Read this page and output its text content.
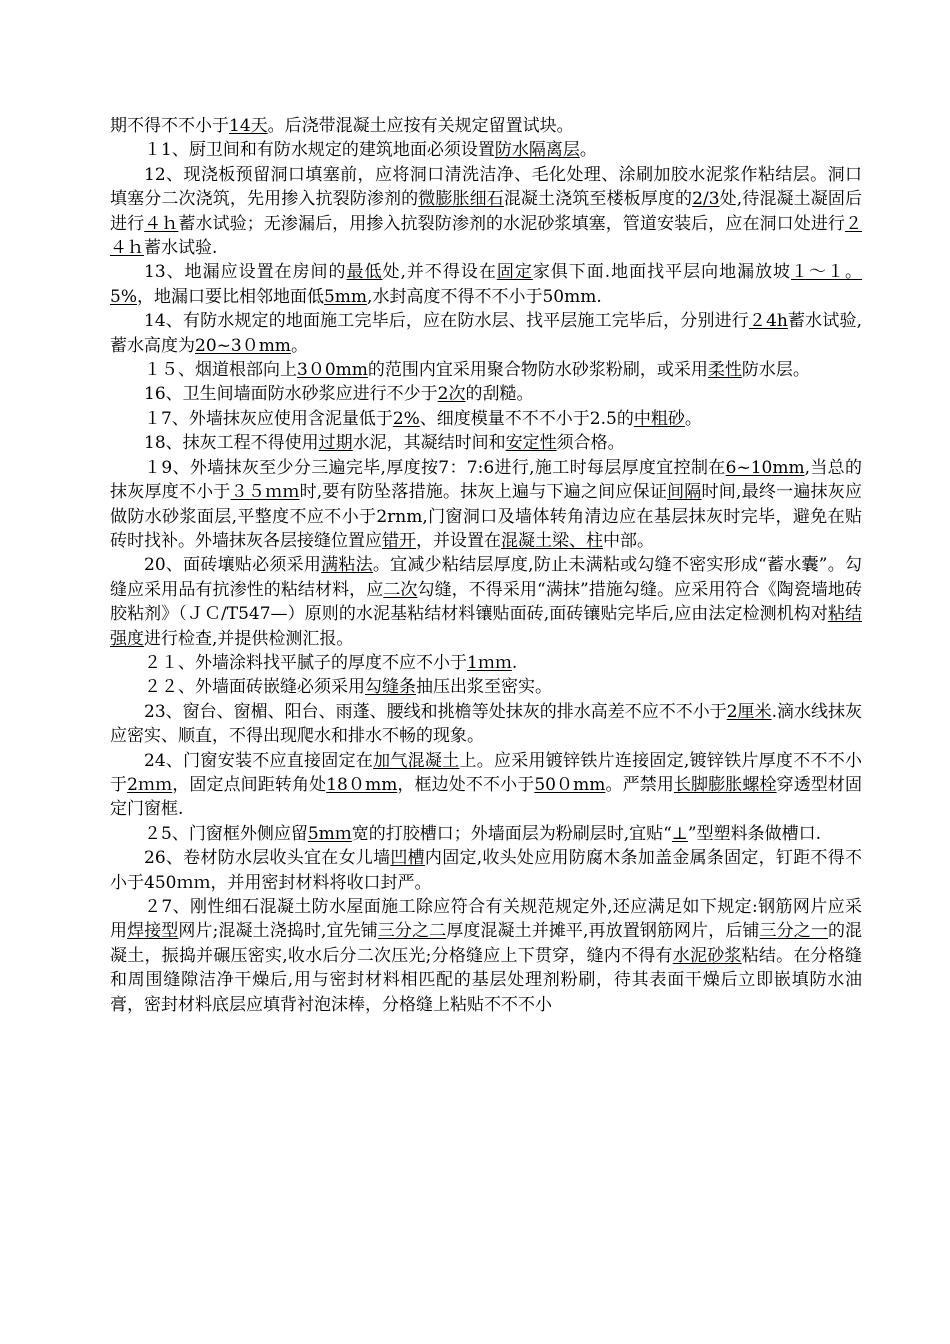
期不得不不小于14天。后浇带混凝土应按有关规定留置试块。

１1、厨卫间和有防水规定的建筑地面必须设置防水隔离层。

12、现浇板预留洞口填塞前，应将洞口清洗洁净、毛化处理、涂刷加胶水泥浆作粘结层。洞口填塞分二次浇筑，先用掺入抗裂防渗剂的微膨胀细石混凝土浇筑至楼板厚度的2/3处,待混凝土凝固后进行４ｈ蓄水试验；无渗漏后，用掺入抗裂防渗剂的水泥砂浆填塞，管道安装后，应在洞口处进行２４ｈ蓄水试验.

13、地漏应设置在房间的最低处,并不得设在固定家俱下面.地面找平层向地漏放坡１～１。5%，地漏口要比相邻地面低5mm,水封高度不得不不小于50mm.

14、有防水规定的地面施工完毕后，应在防水层、找平层施工完毕后，分别进行２4h蓄水试验,蓄水高度为20~3０mm。

１５、烟道根部向上3０0mm的范围内宜采用聚合物防水砂浆粉刷，或采用柔性防水层。

16、卫生间墙面防水砂浆应进行不少于2次的刮糙。

１7、外墙抹灰应使用含泥量低于2%、细度模量不不不小于2.5的中粗砂。

18、抹灰工程不得使用过期水泥，其凝结时间和安定性须合格。

１9、外墙抹灰至少分三遍完毕,厚度按7：7:6进行,施工时每层厚度宜控制在6~10mm,当总的抹灰厚度不小于３５ｍｍ时,要有防坠落措施。抹灰上遍与下遍之间应保证间隔时间,最终一遍抹灰应做防水砂浆面层,平整度不应不小于2rnm,门窗洞口及墙体转角清边应在基层抹灰时完毕，避免在贴砖时找补。外墙抹灰各层接缝位置应错开，并设置在混凝土梁、柱中部。

20、面砖壤贴必须采用满粘法。宜减少粘结层厚度,防止未满粘或勾缝不密实形成“蓄水囊”。勾缝应采用品有抗渗性的粘结材料，应二次勾缝，不得采用“满抹”措施勾缝。应采用符合《陶瓷墙地砖胶粘剂》（ＪＣ/T547—）原则的水泥基粘结材料镶贴面砖,面砖镶贴完毕后,应由法定检测机构对粘结强度进行检查,并提供检测汇报。

２１、外墙涂料找平腻子的厚度不应不小于1ｍｍ.

２２、外墙面砖嵌缝必须采用勾缝条抽压出浆至密实。

23、窗台、窗楣、阳台、雨蓬、腰线和挑檐等处抹灰的排水高差不应不不小于2厘米.滴水线抹灰应密实、顺直，不得出现爬水和排水不畅的现象。

24、门窗安装不应直接固定在加气混凝土上。应采用镀锌铁片连接固定,镀锌铁片厚度不不不小于2ｍｍ，固定点间距转角处18０mm，框边处不不小于50０mm。严禁用长脚膨胀螺栓穿透型材固定门窗框.

２5、门窗框外侧应留5mｍ宽的打胶槽口；外墙面层为粉刷层时,宜贴“⊥”型塑料条做槽口.

26、卷材防水层收头宜在女儿墙凹槽内固定,收头处应用防腐木条加盖金属条固定，钉距不得不小于450ｍｍ，并用密封材料将收口封严。

２7、刚性细石混凝土防水屋面施工除应符合有关规范规定外,还应满足如下规定:钢筋网片应采用焊接型网片;混凝土浇捣时,宜先铺三分之二厚度混凝土并摊平,再放置钢筋网片，后铺三分之一的混凝土，振捣并碾压密实,收水后分二次压光;分格缝应上下贯穿，缝内不得有水泥砂浆粘结。在分格缝和周围缝隙洁净干燥后,用与密封材料相匹配的基层处理剂粉刷，待其表面干燥后立即嵌填防水油膏，密封材料底层应填背衬泡沫棒，分格缝上粘贴不不不小
